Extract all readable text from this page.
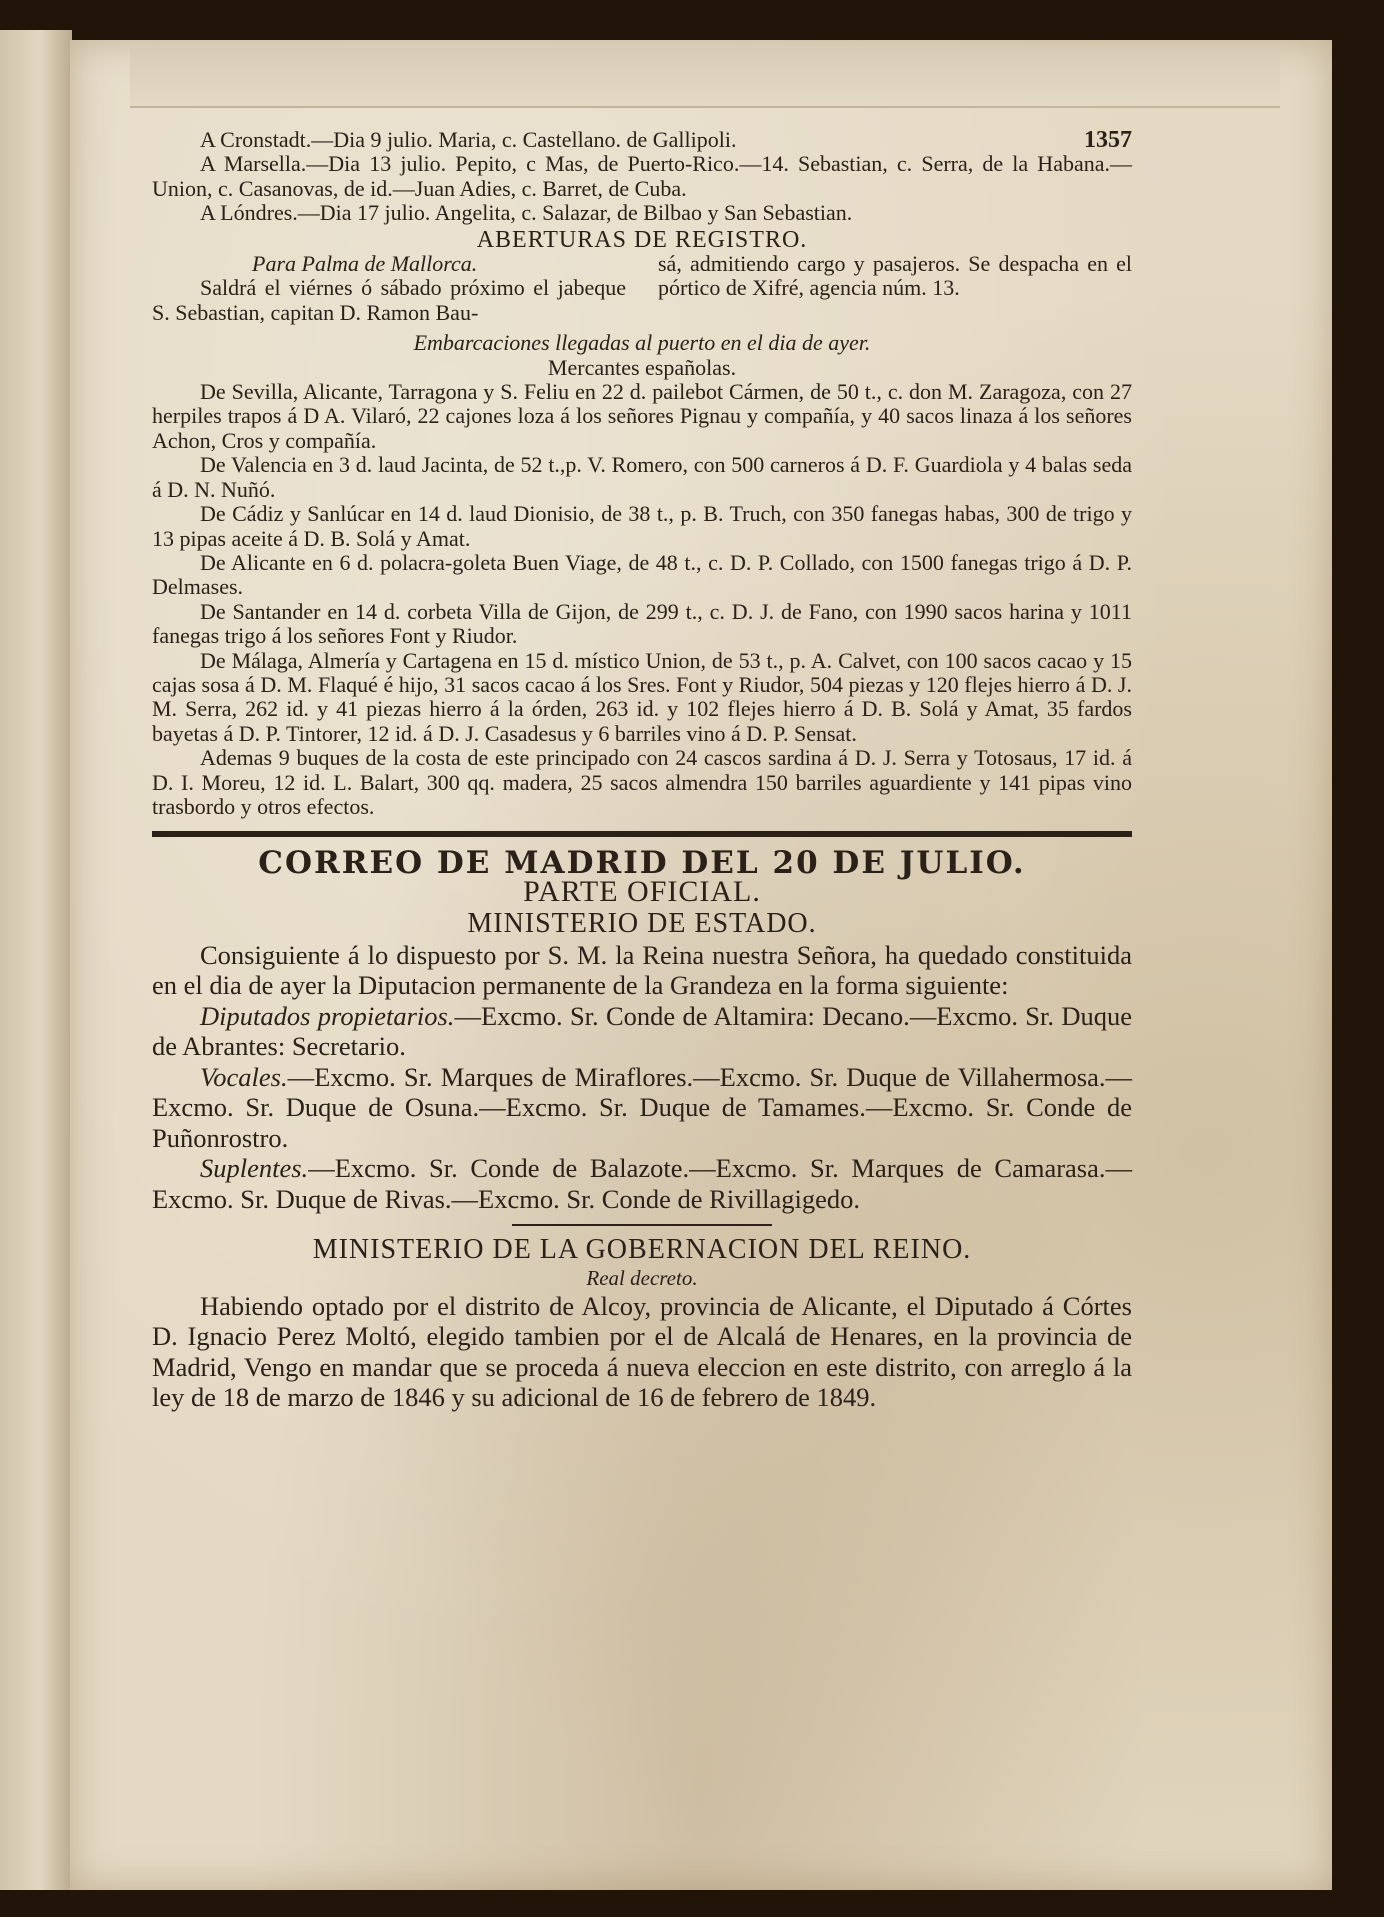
1357

A Cronstadt.—Dia 9 julio. Maria, c. Castellano. de Gallipoli.

A Marsella.—Dia 13 julio. Pepito, c Mas, de Puerto-Rico.—14. Sebastian, c. Serra, de la Habana.—Union, c. Casanovas, de id.—Juan Adies, c. Barret, de Cuba.

A Lóndres.—Dia 17 julio. Angelita, c. Salazar, de Bilbao y San Sebastian.

ABERTURAS DE REGISTRO.

Para Palma de Mallorca.

Saldrá el viérnes ó sábado próximo el jabeque S. Sebastian, capitan D. Ramon Bau-

sá, admitiendo cargo y pasajeros. Se despacha en el pórtico de Xifré, agencia núm. 13.

Embarcaciones llegadas al puerto en el dia de ayer.

Mercantes españolas.

De Sevilla, Alicante, Tarragona y S. Feliu en 22 d. pailebot Cármen, de 50 t., c. don M. Zaragoza, con 27 herpiles trapos á D A. Vilaró, 22 cajones loza á los señores Pignau y compañía, y 40 sacos linaza á los señores Achon, Cros y compañía.

De Valencia en 3 d. laud Jacinta, de 52 t.,p. V. Romero, con 500 carneros á D. F. Guardiola y 4 balas seda á D. N. Nuñó.

De Cádiz y Sanlúcar en 14 d. laud Dionisio, de 38 t., p. B. Truch, con 350 fanegas habas, 300 de trigo y 13 pipas aceite á D. B. Solá y Amat.

De Alicante en 6 d. polacra-goleta Buen Viage, de 48 t., c. D. P. Collado, con 1500 fanegas trigo á D. P. Delmases.

De Santander en 14 d. corbeta Villa de Gijon, de 299 t., c. D. J. de Fano, con 1990 sacos harina y 1011 fanegas trigo á los señores Font y Riudor.

De Málaga, Almería y Cartagena en 15 d. místico Union, de 53 t., p. A. Calvet, con 100 sacos cacao y 15 cajas sosa á D. M. Flaqué é hijo, 31 sacos cacao á los Sres. Font y Riudor, 504 piezas y 120 flejes hierro á D. J. M. Serra, 262 id. y 41 piezas hierro á la órden, 263 id. y 102 flejes hierro á D. B. Solá y Amat, 35 fardos bayetas á D. P. Tintorer, 12 id. á D. J. Casadesus y 6 barriles vino á D. P. Sensat.

Ademas 9 buques de la costa de este principado con 24 cascos sardina á D. J. Serra y Totosaus, 17 id. á D. I. Moreu, 12 id. L. Balart, 300 qq. madera, 25 sacos almendra 150 barriles aguardiente y 141 pipas vino trasbordo y otros efectos.

CORREO DE MADRID DEL 20 DE JULIO.

PARTE OFICIAL.

MINISTERIO DE ESTADO.

Consiguiente á lo dispuesto por S. M. la Reina nuestra Señora, ha quedado constituida en el dia de ayer la Diputacion permanente de la Grandeza en la forma siguiente:

Diputados propietarios.—Excmo. Sr. Conde de Altamira: Decano.—Excmo. Sr. Duque de Abrantes: Secretario.

Vocales.—Excmo. Sr. Marques de Miraflores.—Excmo. Sr. Duque de Villahermosa.—Excmo. Sr. Duque de Osuna.—Excmo. Sr. Duque de Tamames.—Excmo. Sr. Conde de Puñonrostro.

Suplentes.—Excmo. Sr. Conde de Balazote.—Excmo. Sr. Marques de Camarasa.—Excmo. Sr. Duque de Rivas.—Excmo. Sr. Conde de Rivillagigedo.

MINISTERIO DE LA GOBERNACION DEL REINO.

Real decreto.

Habiendo optado por el distrito de Alcoy, provincia de Alicante, el Diputado á Córtes D. Ignacio Perez Moltó, elegido tambien por el de Alcalá de Henares, en la provincia de Madrid, Vengo en mandar que se proceda á nueva eleccion en este distrito, con arreglo á la ley de 18 de marzo de 1846 y su adicional de 16 de febrero de 1849.
